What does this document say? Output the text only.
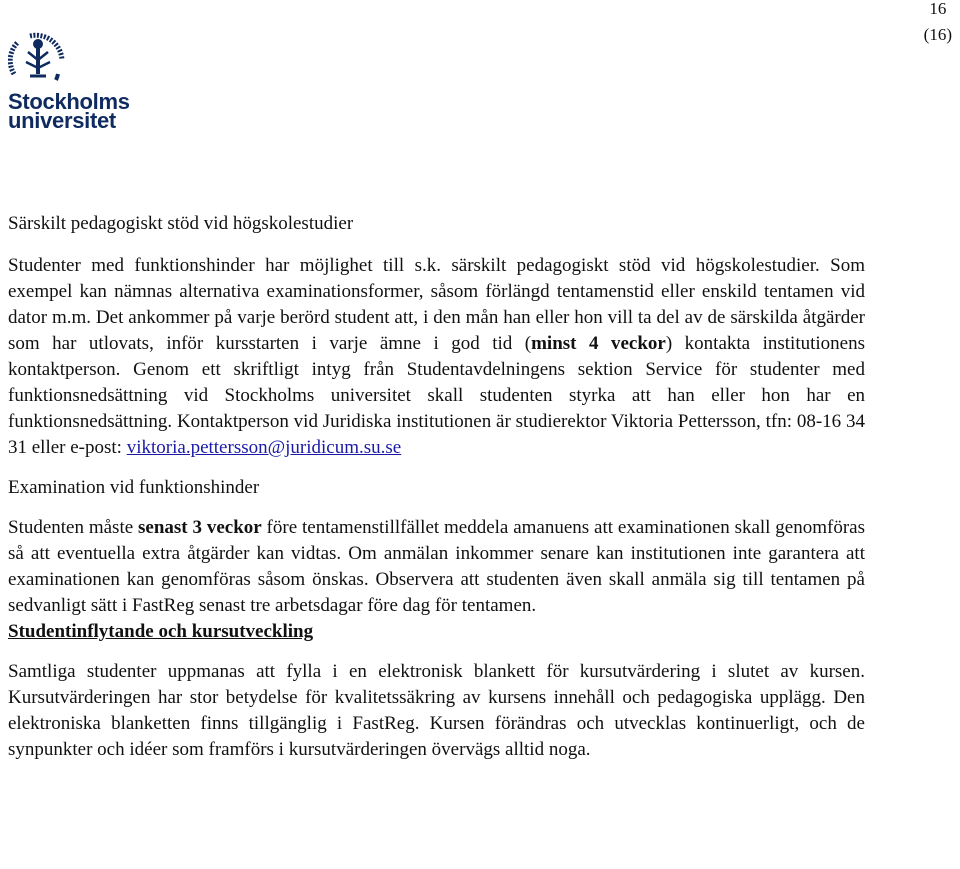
16
(16)
Stockholms
universitet

Särskilt pedagogiskt stöd vid högskolestudier

Studenter med funktionshinder har möjlighet till s.k. särskilt pedagogiskt stöd vid högskolestudier. Som exempel kan nämnas alternativa examinationsformer, såsom förlängd tentamenstid eller enskild tentamen vid dator m.m. Det ankommer på varje berörd student att, i den mån han eller hon vill ta del av de särskilda åtgärder som har utlovats, inför kursstarten i varje ämne i god tid (minst 4 veckor) kontakta institutionens kontaktperson. Genom ett skriftligt intyg från Studentavdelningens sektion Service för studenter med funktionsnedsättning vid Stockholms universitet skall studenten styrka att han eller hon har en funktionsnedsättning. Kontaktperson vid Juridiska institutionen är studierektor Viktoria Pettersson, tfn: 08-16 34 31 eller e-post: viktoria.pettersson@juridicum.su.se

Examination vid funktionshinder

Studenten måste senast 3 veckor före tentamenstillfället meddela amanuens att examinationen skall genomföras så att eventuella extra åtgärder kan vidtas. Om anmälan inkommer senare kan institutionen inte garantera att examinationen kan genomföras såsom önskas. Observera att studenten även skall anmäla sig till tentamen på sedvanligt sätt i FastReg senast tre arbetsdagar före dag för tentamen.

Studentinflytande och kursutveckling

Samtliga studenter uppmanas att fylla i en elektronisk blankett för kursutvärdering i slutet av kursen. Kursutvärderingen har stor betydelse för kvalitetssäkring av kursens innehåll och pedagogiska upplägg. Den elektroniska blanketten finns tillgänglig i FastReg. Kursen förändras och utvecklas kontinuerligt, och de synpunkter och idéer som framförs i kursutvärderingen övervägs alltid noga.
